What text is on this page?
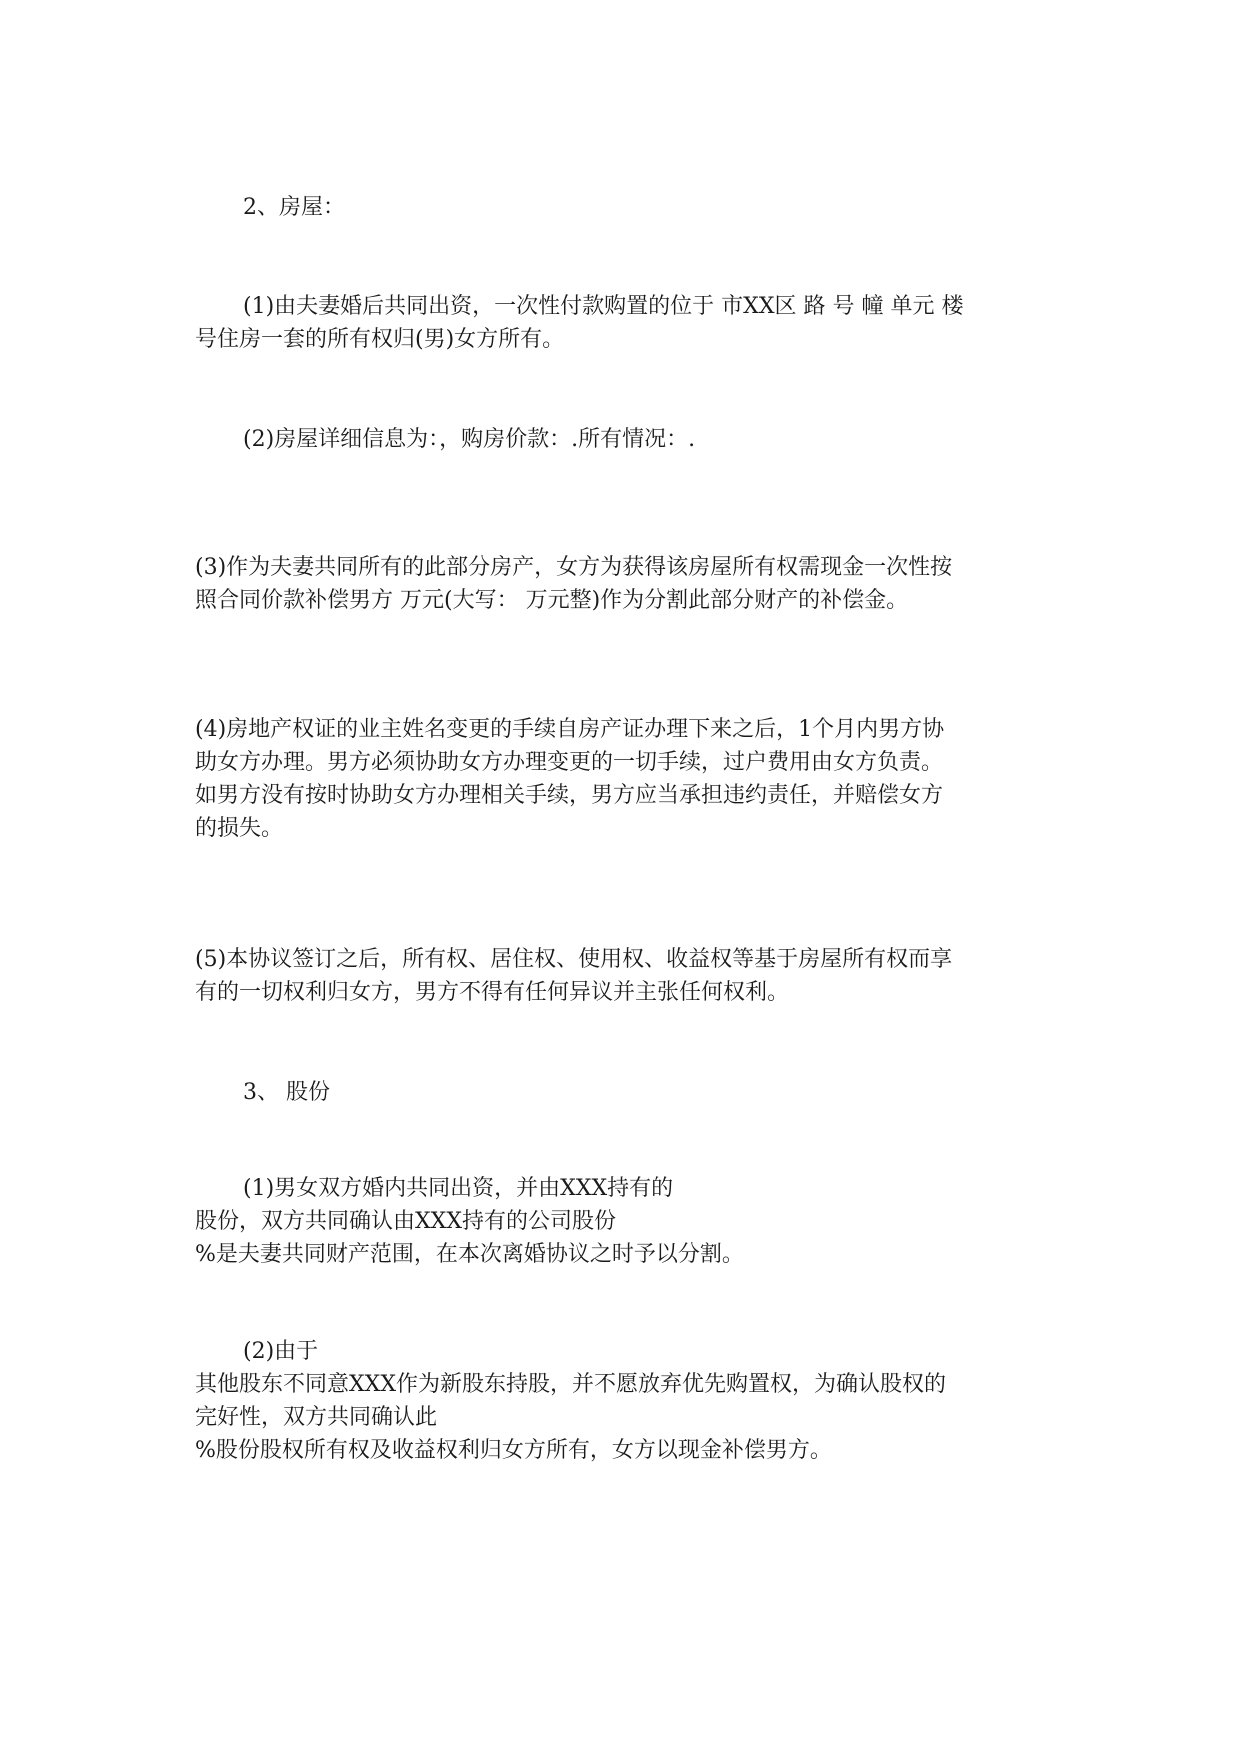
2、房屋：

(1)由夫妻婚后共同出资，一次性付款购置的位于 市XX区 路 号 幢 单元 楼
号住房一套的所有权归(男)女方所有。

(2)房屋详细信息为：，购房价款：.所有情况：.

(3)作为夫妻共同所有的此部分房产，女方为获得该房屋所有权需现金一次性按
照合同价款补偿男方 万元(大写： 万元整)作为分割此部分财产的补偿金。

(4)房地产权证的业主姓名变更的手续自房产证办理下来之后，1个月内男方协
助女方办理。男方必须协助女方办理变更的一切手续，过户费用由女方负责。
如男方没有按时协助女方办理相关手续，男方应当承担违约责任，并赔偿女方
的损失。

(5)本协议签订之后，所有权、居住权、使用权、收益权等基于房屋所有权而享
有的一切权利归女方，男方不得有任何异议并主张任何权利。

3、 股份

(1)男女双方婚内共同出资，并由XXX持有的
股份，双方共同确认由XXX持有的公司股份
%是夫妻共同财产范围，在本次离婚协议之时予以分割。

(2)由于
其他股东不同意XXX作为新股东持股，并不愿放弃优先购置权，为确认股权的
完好性，双方共同确认此
%股份股权所有权及收益权利归女方所有，女方以现金补偿男方。
